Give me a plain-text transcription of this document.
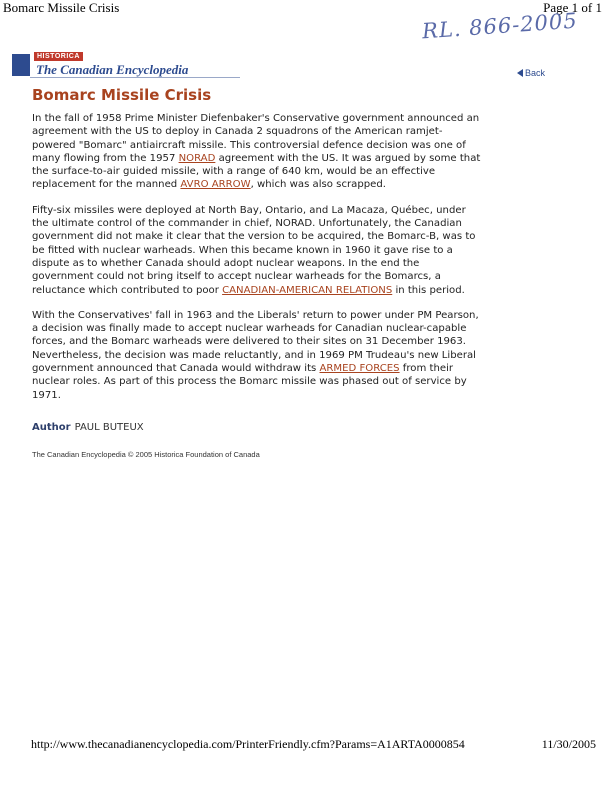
Bomarc Missile Crisis	Page 1 of 1
RL. 866-2005
HISTORICA
The Canadian Encyclopedia	Back
Bomarc Missile Crisis

In the fall of 1958 Prime Minister Diefenbaker's Conservative government announced an agreement with the US to deploy in Canada 2 squadrons of the American ramjet-powered "Bomarc" antiaircraft missile. This controversial defence decision was one of many flowing from the 1957 NORAD agreement with the US. It was argued by some that the surface-to-air guided missile, with a range of 640 km, would be an effective replacement for the manned AVRO ARROW, which was also scrapped.

Fifty-six missiles were deployed at North Bay, Ontario, and La Macaza, Québec, under the ultimate control of the commander in chief, NORAD. Unfortunately, the Canadian government did not make it clear that the version to be acquired, the Bomarc-B, was to be fitted with nuclear warheads. When this became known in 1960 it gave rise to a dispute as to whether Canada should adopt nuclear weapons. In the end the government could not bring itself to accept nuclear warheads for the Bomarcs, a reluctance which contributed to poor CANADIAN-AMERICAN RELATIONS in this period.

With the Conservatives' fall in 1963 and the Liberals' return to power under PM Pearson, a decision was finally made to accept nuclear warheads for Canadian nuclear-capable forces, and the Bomarc warheads were delivered to their sites on 31 December 1963. Nevertheless, the decision was made reluctantly, and in 1969 PM Trudeau's new Liberal government announced that Canada would withdraw its ARMED FORCES from their nuclear roles. As part of this process the Bomarc missile was phased out of service by 1971.

Author PAUL BUTEUX
The Canadian Encyclopedia © 2005 Historica Foundation of Canada
http://www.thecanadianencyclopedia.com/PrinterFriendly.cfm?Params=A1ARTA0000854	11/30/2005
